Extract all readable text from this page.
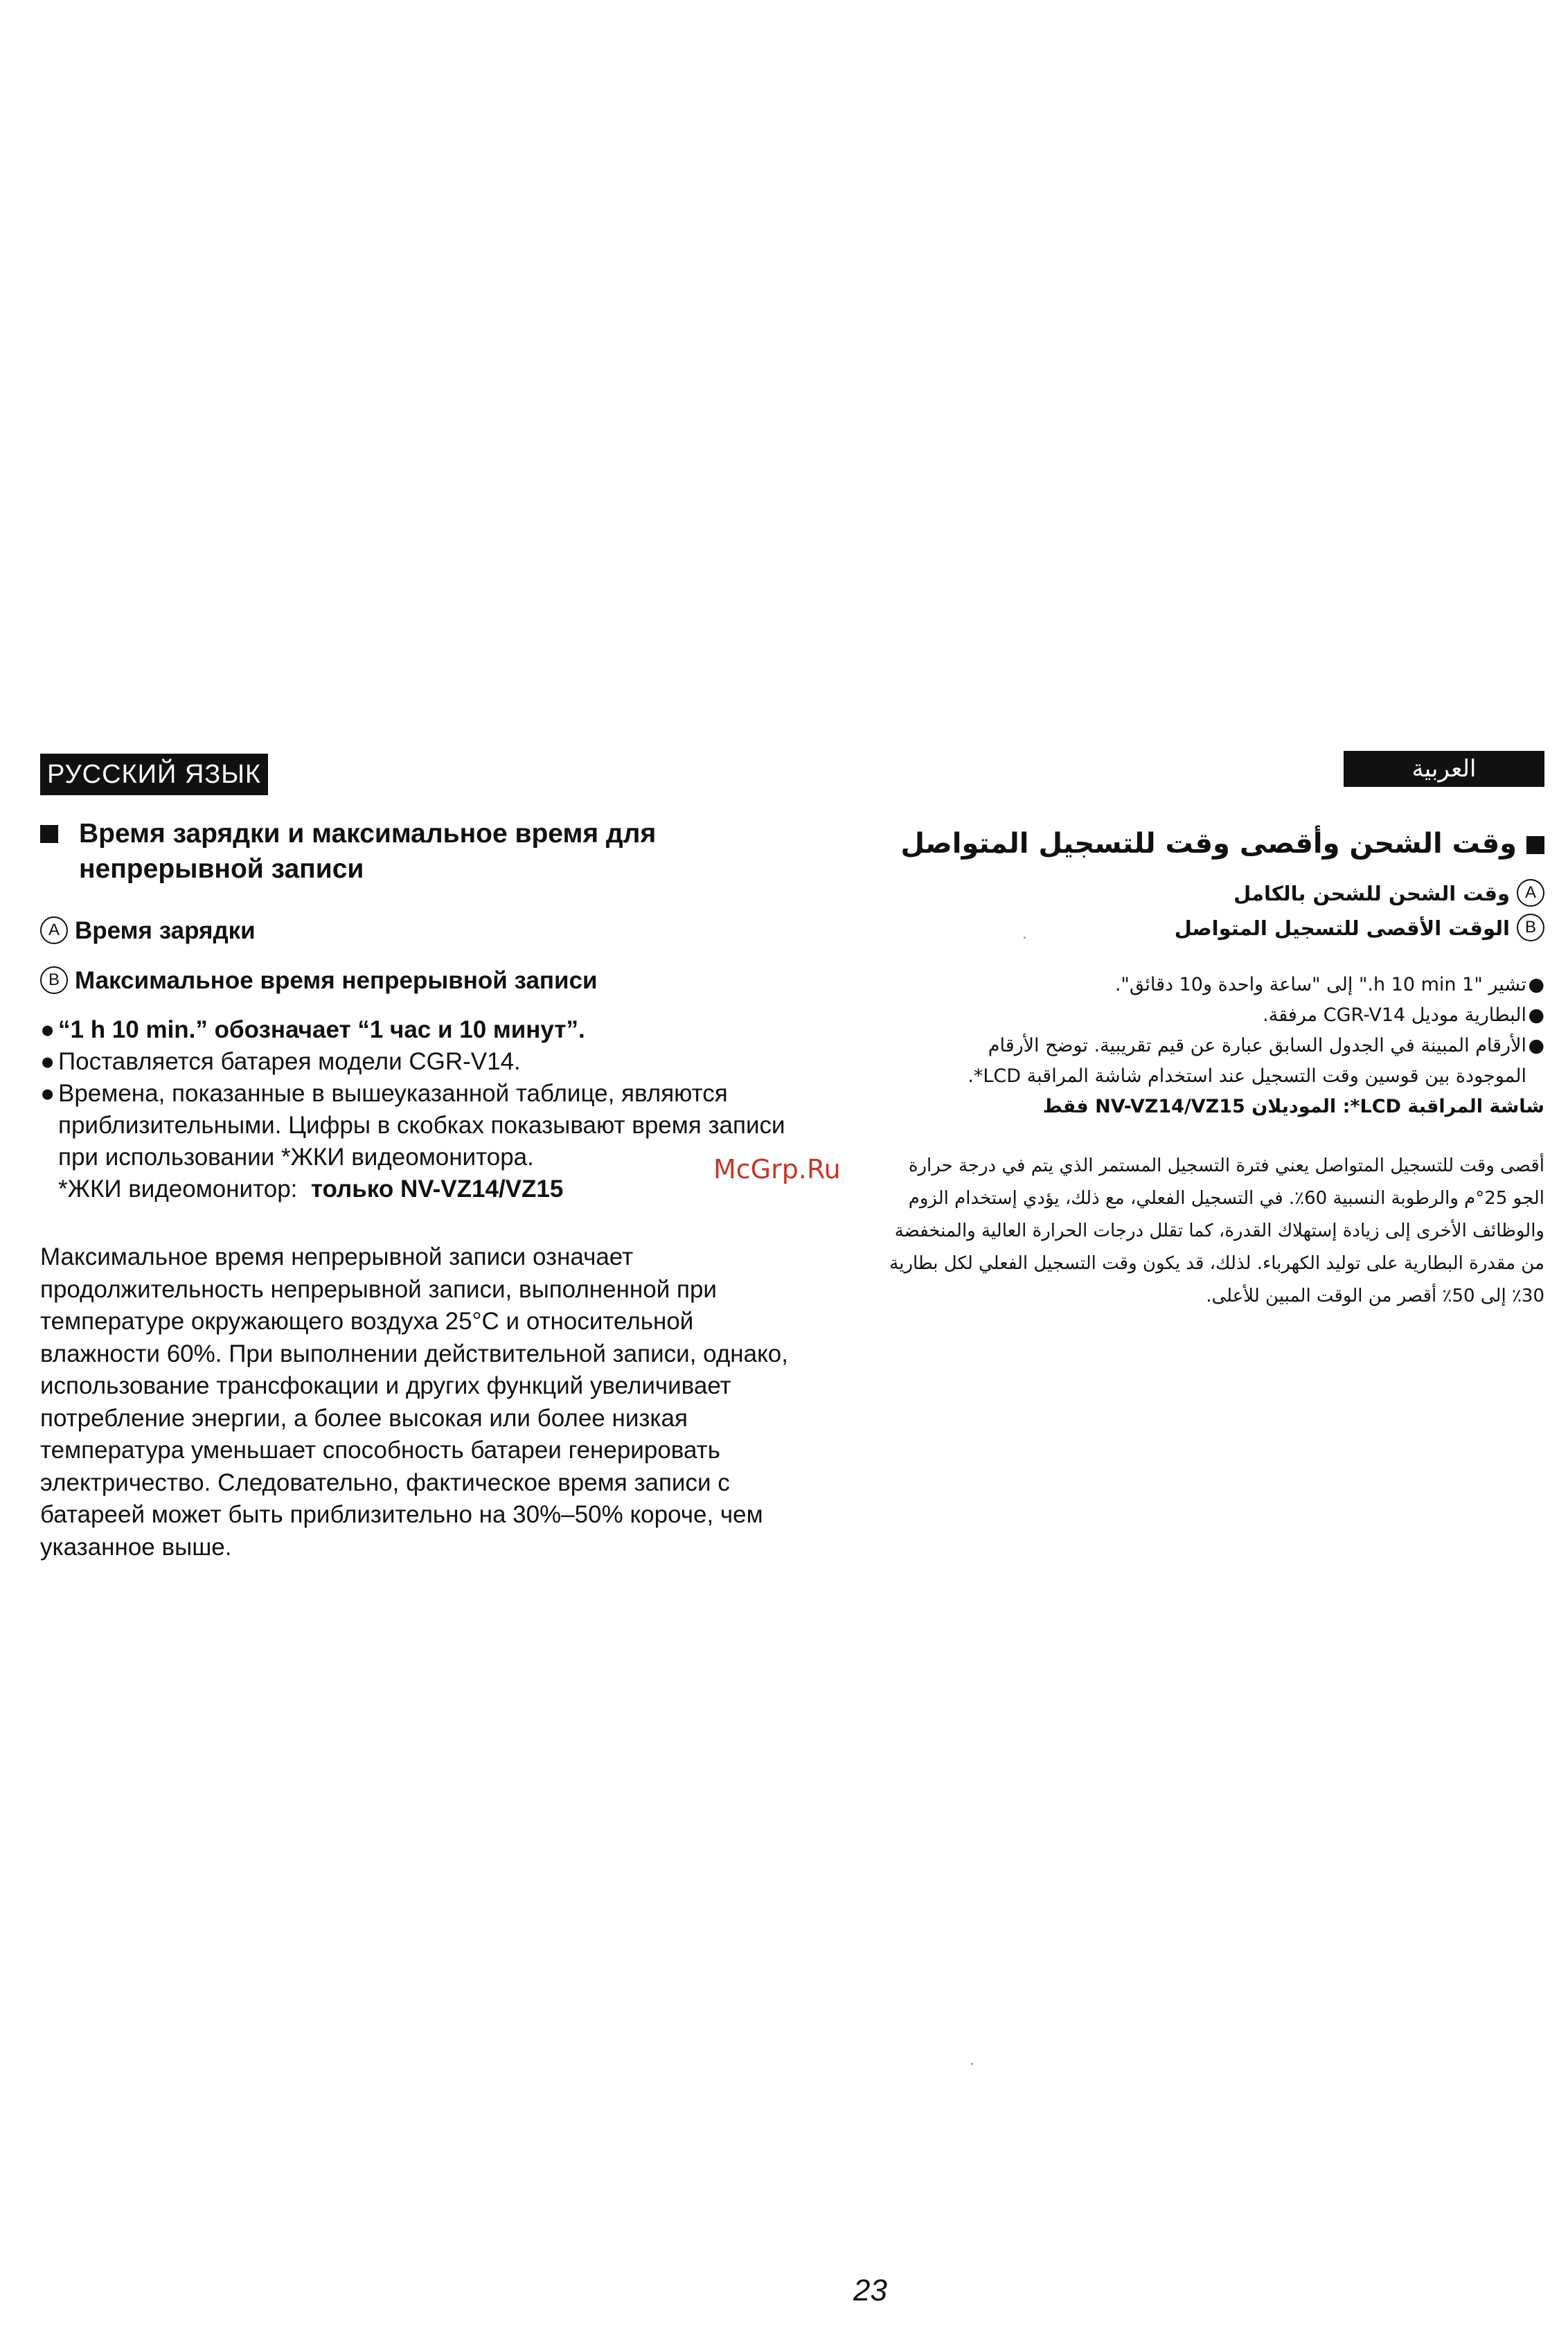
РУССКИЙ ЯЗЫК
Время зарядки и максимальное время для непрерывной записи
A Время зарядки
B Максимальное время непрерывной записи
● “1 h 10 min.” обозначает “1 час и 10 минут”.
● Поставляется батарея модели CGR-V14.
● Времена, показанные в вышеуказанной таблице, являются приблизительными. Цифры в скобках показывают время записи при использовании *ЖКИ видеомонитора.
*ЖКИ видеомонитор: только NV-VZ14/VZ15

Максимальное время непрерывной записи означает продолжительность непрерывной записи, выполненной при температуре окружающего воздуха 25°C и относительной влажности 60%. При выполнении действительной записи, однако, использование трансфокации и других функций увеличивает потребление энергии, а более высокая или более низкая температура уменьшает способность батареи генерировать электричество. Следовательно, фактическое время записи с батареей может быть приблизительно на 30%–50% короче, чем указанное выше.

McGrp.Ru
العربية
وقت الشحن وأقصى وقت للتسجيل المتواصل
Aوقت الشحن للشحن بالكامل
Bالوقت الأقصى للتسجيل المتواصل
●
تشير "1 h 10 min." إلى "ساعة واحدة و10 دقائق".
●
البطارية موديل CGR-V14 مرفقة.
●
الأرقام المبينة في الجدول السابق عبارة عن قيم تقريبية. توضح الأرقام الموجودة بين قوسين وقت التسجيل عند استخدام شاشة المراقبة LCD*.
شاشة المراقبة LCD*: الموديلان NV-VZ14/VZ15 فقط

أقصى وقت للتسجيل المتواصل يعني فترة التسجيل المستمر الذي يتم في درجة حرارة الجو 25°م والرطوبة النسبية 60٪. في التسجيل الفعلي، مع ذلك، يؤدي إستخدام الزوم والوظائف الأخرى إلى زيادة إستهلاك القدرة، كما تقلل درجات الحرارة العالية والمنخفضة من مقدرة البطارية على توليد الكهرباء. لذلك، قد يكون وقت التسجيل الفعلي لكل بطارية 30٪ إلى 50٪ أقصر من الوقت المبين للأعلى.

23
